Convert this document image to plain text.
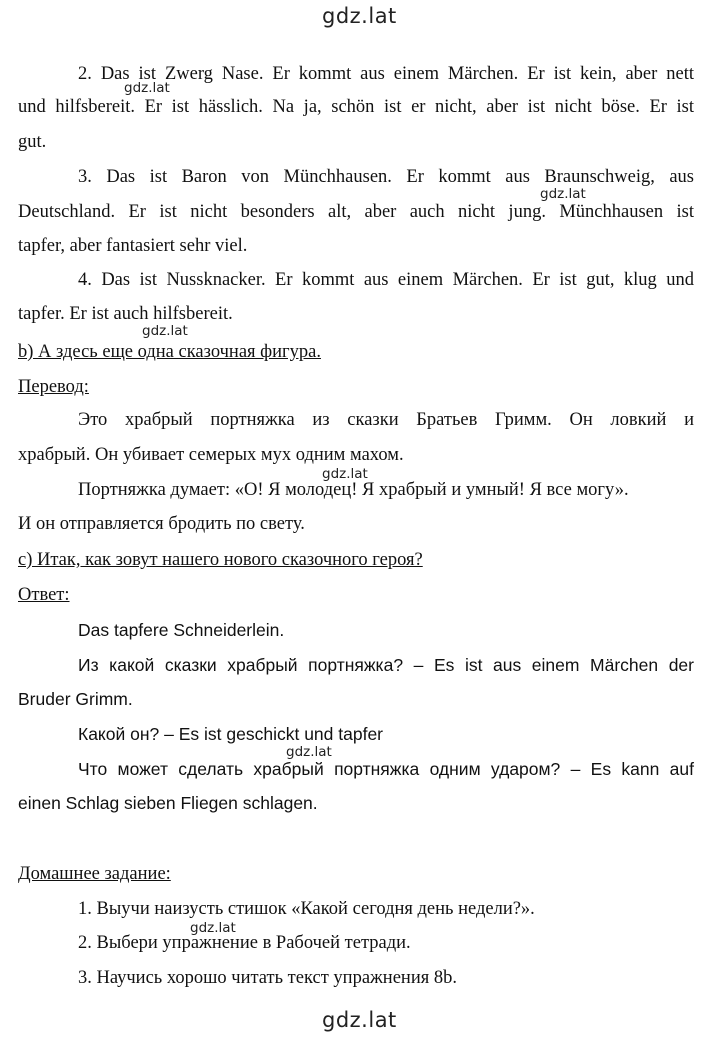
gdz.lat
2. Das ist Zwerg Nase. Er kommt aus einem Märchen. Er ist kein, aber nett
und hilfsbereit. Er ist hässlich. Na ja, schön ist er nicht, aber ist nicht böse. Er ist
gut.
gdz.lat
3. Das ist Baron von Münchhausen. Er kommt aus Braunschweig, aus
Deutschland. Er ist nicht besonders alt, aber auch nicht jung. Münchhausen ist
tapfer, aber fantasiert sehr viel.
gdz.lat
4. Das ist Nussknacker. Er kommt aus einem Märchen. Er ist gut, klug und
tapfer. Er ist auch hilfsbereit.
gdz.lat
b) А здесь еще одна сказочная фигура.
Перевод:
Это храбрый портняжка из сказки Братьев Гримм. Он ловкий и
храбрый. Он убивает семерых мух одним махом.
gdz.lat
Портняжка думает: «О! Я молодец! Я храбрый и умный! Я все могу».
И он отправляется бродить по свету.
c) Итак, как зовут нашего нового сказочного героя?
Ответ:
Das tapfere Schneiderlein.
Из какой сказки храбрый портняжка? – Es ist aus einem Märchen der
Bruder Grimm.
Какой он? – Es ist geschickt und tapfer
gdz.lat
Что может сделать храбрый портняжка одним ударом? – Es kann auf
einen Schlag sieben Fliegen schlagen.
Домашнее задание:
1. Выучи наизусть стишок «Какой сегодня день недели?».
gdz.lat
2. Выбери упражнение в Рабочей тетради.
3. Научись хорошо читать текст упражнения 8b.
gdz.lat
